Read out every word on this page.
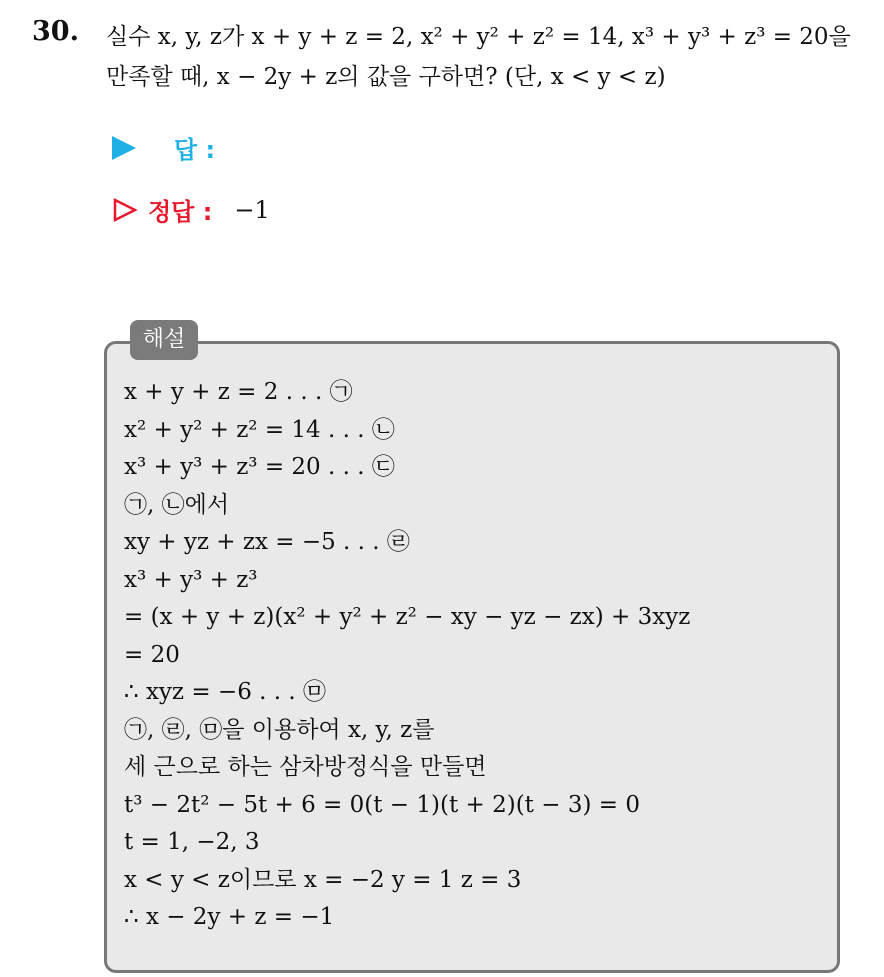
30. 실수 x, y, z가 x + y + z = 2, x² + y² + z² = 14, x³ + y³ + z³ = 20을
만족할 때, x − 2y + z의 값을 구하면? (단, x < y < z)
답 :
정답 : −1
해설
x + y + z = 2 . . . ㉠
x² + y² + z² = 14 . . . ㉡
x³ + y³ + z³ = 20 . . . ㉢
㉠, ㉡에서
xy + yz + zx = −5 . . . ㉣
x³ + y³ + z³
= (x + y + z)(x² + y² + z² − xy − yz − zx) + 3xyz
= 20
∴ xyz = −6 . . . ㉤
㉠, ㉣, ㉤을 이용하여 x, y, z를
세 근으로 하는 삼차방정식을 만들면
t³ − 2t² − 5t + 6 = 0(t − 1)(t + 2)(t − 3) = 0
t = 1, −2, 3
x < y < z이므로 x = −2 y = 1 z = 3
∴ x − 2y + z = −1
